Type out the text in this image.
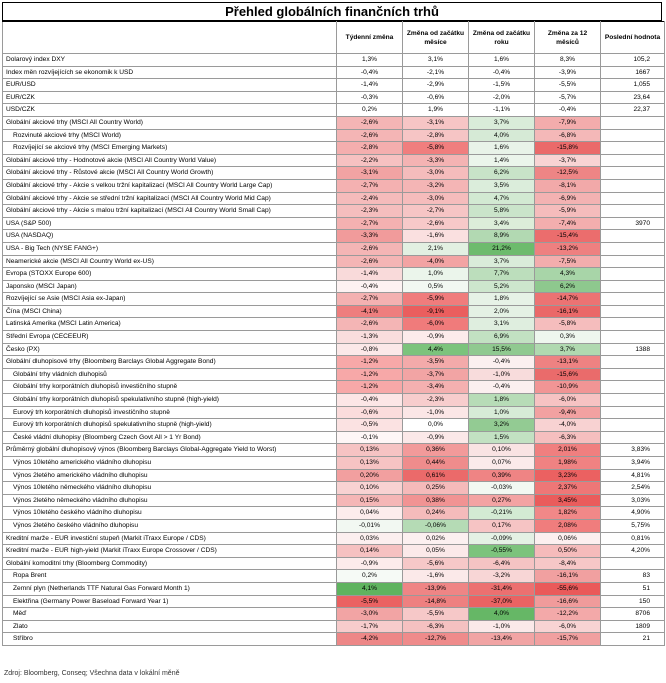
Přehled globálních finančních trhů
	Týdenní změna	Změna od začátku měsíce	Změna od začátku roku	Změna za 12 měsíců	Poslední hodnota
Dolarový index DXY	1,3%	3,1%	1,6%	8,3%	105,2
Index měn rozvíjejících se ekonomik k USD	-0,4%	-2,1%	-0,4%	-3,9%	1667
EUR/USD	-1,4%	-2,9%	-1,5%	-5,5%	1,055
EUR/CZK	-0,3%	-0,6%	-2,0%	-5,7%	23,64
USD/CZK	0,2%	1,9%	-1,1%	-0,4%	22,37
Globální akciové trhy (MSCI All Country World)	-2,6%	-3,1%	3,7%	-7,9%	
Rozvinuté akciové trhy (MSCI World)	-2,6%	-2,8%	4,0%	-6,8%	
Rozvíjející se akciové trhy (MSCI Emerging Markets)	-2,8%	-5,8%	1,6%	-15,8%	
Globální akciové trhy - Hodnotové akcie (MSCI All Country World Value)	-2,2%	-3,3%	1,4%	-3,7%	
Globální akciové trhy - Růstové akcie (MSCI All Country World Growth)	-3,1%	-3,0%	6,2%	-12,5%	
Globální akciové trhy - Akcie s velkou tržní kapitalizací (MSCI All Country World Large Cap)	-2,7%	-3,2%	3,5%	-8,1%	
Globální akciové trhy - Akcie se střední tržní kapitalizací (MSCI All Country World Mid Cap)	-2,4%	-3,0%	4,7%	-6,9%	
Globální akciové trhy - Akcie s malou tržní kapitalizací (MSCI All Country World Small Cap)	-2,3%	-2,7%	5,8%	-5,9%	
USA (S&P 500)	-2,7%	-2,6%	3,4%	-7,4%	3970
USA (NASDAQ)	-3,3%	-1,6%	8,9%	-15,4%	
USA - Big Tech (NYSE FANG+)	-2,6%	2,1%	21,2%	-13,2%	
Neamerické akcie (MSCI All Country World ex-US)	-2,6%	-4,0%	3,7%	-7,5%	
Evropa (STOXX Europe 600)	-1,4%	1,0%	7,7%	4,3%	
Japonsko (MSCI Japan)	-0,4%	0,5%	5,2%	6,2%	
Rozvíjející se Asie (MSCI Asia ex-Japan)	-2,7%	-5,9%	1,8%	-14,7%	
Čína (MSCI China)	-4,1%	-9,1%	2,0%	-16,1%	
Latinská Amerika (MSCI Latin America)	-2,6%	-6,0%	3,1%	-5,8%	
Střední Evropa (CECEEUR)	-1,3%	-0,9%	6,9%	0,3%	
Česko (PX)	-0,8%	4,4%	15,5%	3,7%	1388
Globální dluhopisové trhy (Bloomberg Barclays Global Aggregate Bond)	-1,2%	-3,5%	-0,4%	-13,1%	
Globální trhy vládních dluhopisů	-1,2%	-3,7%	-1,0%	-15,6%	
Globální trhy korporátních dluhopisů investičního stupně	-1,2%	-3,4%	-0,4%	-10,9%	
Globální trhy korporátních dluhopisů spekulativního stupně (high-yield)	-0,4%	-2,3%	1,8%	-6,0%	
Eurový trh korporátních dluhopisů investičního stupně	-0,6%	-1,0%	1,0%	-9,4%	
Eurový trh korporátních dluhopisů spekulativního stupně (high-yield)	-0,5%	0,0%	3,2%	-4,0%	
České vládní dluhopisy (Bloomberg Czech Govt All > 1 Yr Bond)	-0,1%	-0,9%	1,5%	-6,3%	
Průměrný globální dluhopisový výnos (Bloomberg Barclays Global-Aggregate Yield to Worst)	0,13%	0,36%	0,10%	2,01%	3,83%
Výnos 10letého amerického vládního dluhopisu	0,13%	0,44%	0,07%	1,98%	3,94%
Výnos 2letého amerického vládního dluhopisu	0,20%	0,61%	0,39%	3,23%	4,81%
Výnos 10letého německého vládního dluhopisu	0,10%	0,25%	-0,03%	2,37%	2,54%
Výnos 2letého německého vládního dluhopisu	0,15%	0,38%	0,27%	3,45%	3,03%
Výnos 10letého českého vládního dluhopisu	0,04%	0,24%	-0,21%	1,82%	4,90%
Výnos 2letého českého vládního dluhopisu	-0,01%	-0,06%	0,17%	2,08%	5,75%
Kreditní marže - EUR investiční stupeň (Markit iTraxx Europe / CDS)	0,03%	0,02%	-0,09%	0,06%	0,81%
Kreditní marže - EUR high-yield (Markit iTraxx Europe Crossover / CDS)	0,14%	0,05%	-0,55%	0,50%	4,20%
Globální komoditní trhy (Bloomberg Commodity)	-0,9%	-5,6%	-6,4%	-8,4%	
Ropa Brent	0,2%	-1,6%	-3,2%	-16,1%	83
Zemní plyn (Netherlands TTF Natural Gas Forward Month 1)	4,1%	-13,9%	-31,4%	-55,6%	51
Elektřina (Germany Power Baseload Forward Year 1)	-5,5%	-14,8%	-37,0%	-16,6%	150
Měď	-3,0%	-5,5%	4,0%	-12,2%	8706
Zlato	-1,7%	-6,3%	-1,0%	-6,0%	1809
Stříbro	-4,2%	-12,7%	-13,4%	-15,7%	21
Zdroj: Bloomberg, Conseq; Všechna data v lokální měně
